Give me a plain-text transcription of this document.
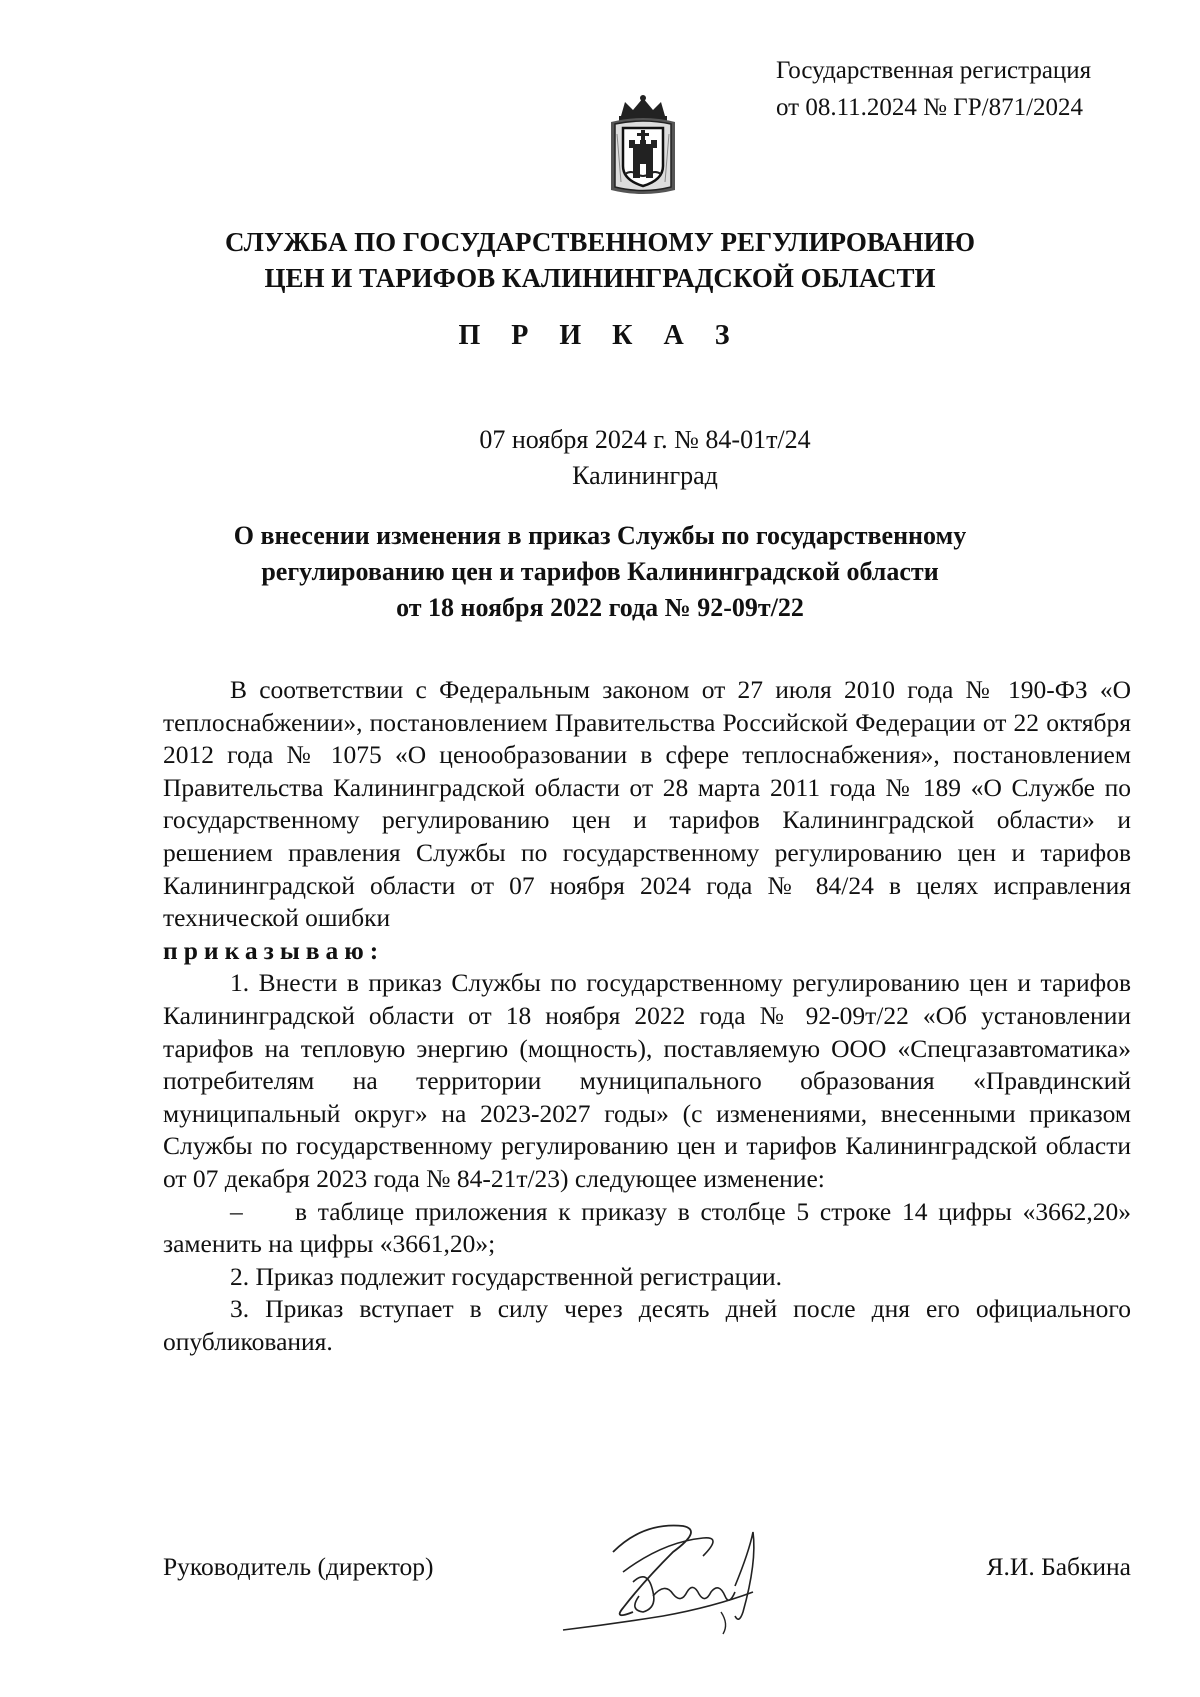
Государственная регистрация
от 08.11.2024 № ГР/871/2024
СЛУЖБА ПО ГОСУДАРСТВЕННОМУ РЕГУЛИРОВАНИЮ
ЦЕН И ТАРИФОВ КАЛИНИНГРАДСКОЙ ОБЛАСТИ
П Р И К А З
07 ноября 2024 г. № 84-01т/24
Калининград
О внесении изменения в приказ Службы по государственному
регулированию цен и тарифов Калининградской области
от 18 ноября 2022 года № 92-09т/22

В соответствии с Федеральным законом от 27 июля 2010 года № 190-ФЗ «О теплоснабжении», постановлением Правительства Российской Федерации от 22 октября 2012 года № 1075 «О ценообразовании в сфере теплоснабжения», постановлением Правительства Калининградской области от 28 марта 2011 года № 189 «О Службе по государственному регулированию цен и тарифов Калининградской области» и решением правления Службы по государственному регулированию цен и тарифов Калининградской области от 07 ноября 2024 года № 84/24 в целях исправления технической ошибки

приказываю:

1. Внести в приказ Службы по государственному регулированию цен и тарифов Калининградской области от 18 ноября 2022 года № 92-09т/22 «Об установлении тарифов на тепловую энергию (мощность), поставляемую ООО «Спецгазавтоматика» потребителям на территории муниципального образования «Правдинский муниципальный округ» на 2023-2027 годы» (с изменениями, внесенными приказом Службы по государственному регулированию цен и тарифов Калининградской области от 07 декабря 2023 года № 84-21т/23) следующее изменение:

– в таблице приложения к приказу в столбце 5 строке 14 цифры «3662,20» заменить на цифры «3661,20»;

2. Приказ подлежит государственной регистрации.

3. Приказ вступает в силу через десять дней после дня его официального опубликования.

Руководитель (директор)	Я.И. Бабкина
